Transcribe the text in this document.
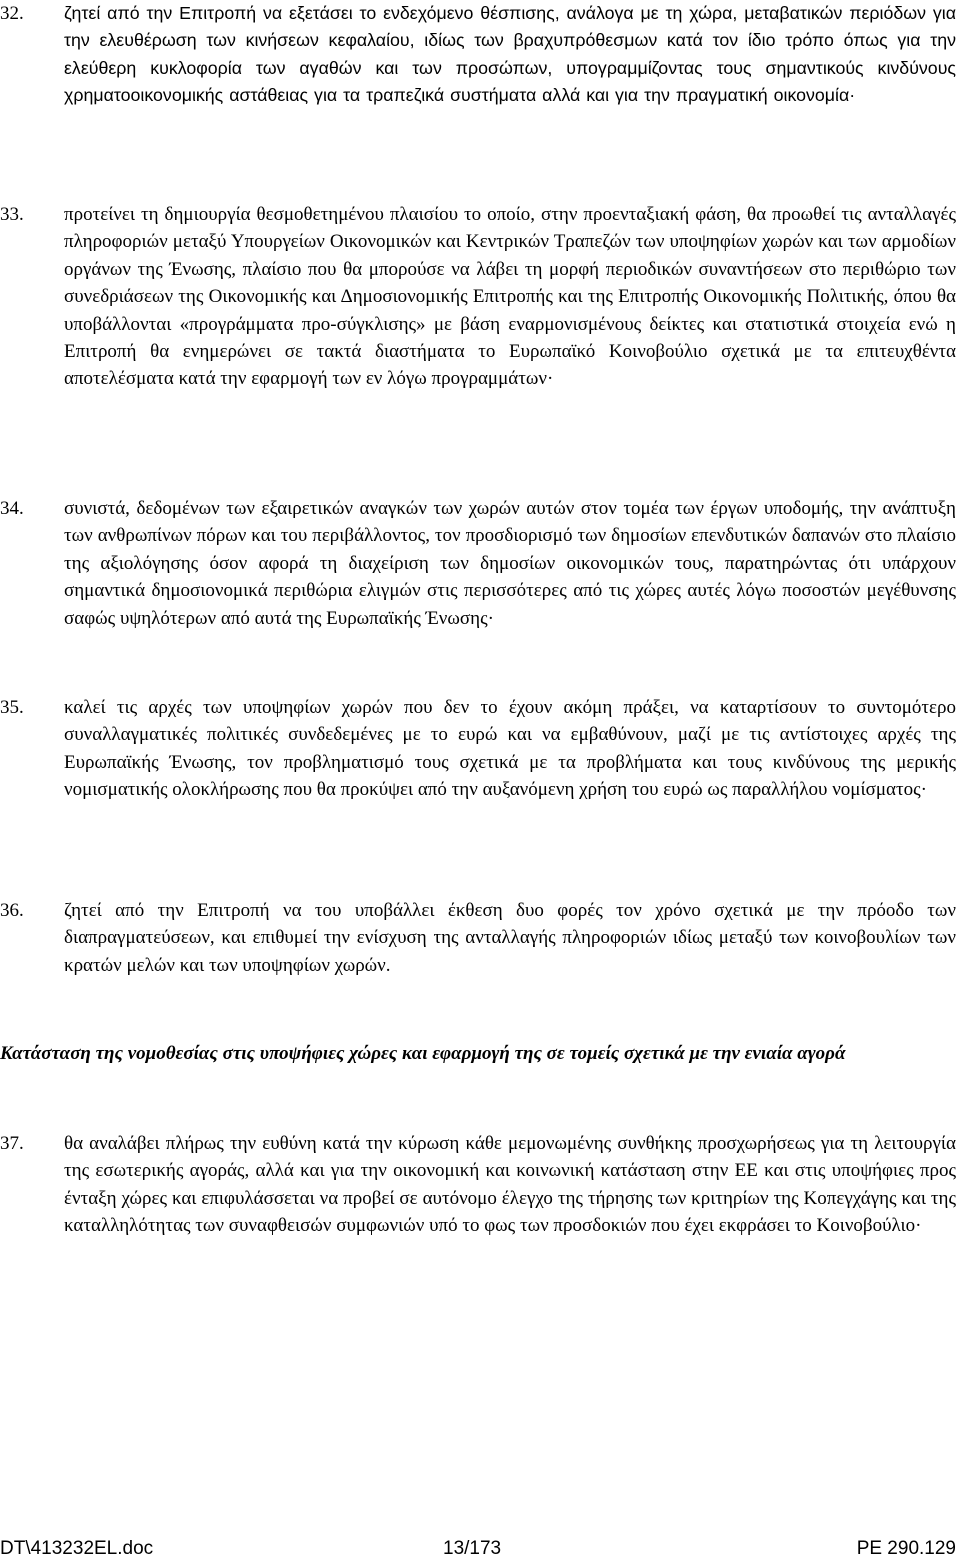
32.	ζητεί από την Επιτροπή να εξετάσει το ενδεχόμενο θέσπισης, ανάλογα με τη χώρα, μεταβατικών περιόδων για την ελευθέρωση των κινήσεων κεφαλαίου, ιδίως των βραχυπρόθεσμων κατά τον ίδιο τρόπο όπως για την ελεύθερη κυκλοφορία των αγαθών και των προσώπων, υπογραμμίζοντας τους σημαντικούς κινδύνους χρηματοοικονομικής αστάθειας για τα τραπεζικά συστήματα αλλά και για την πραγματική οικονομία·
33.	προτείνει τη δημιουργία θεσμοθετημένου πλαισίου το οποίο, στην προενταξιακή φάση, θα προωθεί τις ανταλλαγές πληροφοριών μεταξύ Υπουργείων Οικονομικών και Κεντρικών Τραπεζών των υποψηφίων χωρών και των αρμοδίων οργάνων της Ένωσης, πλαίσιο που θα μπορούσε να λάβει τη μορφή περιοδικών συναντήσεων στο περιθώριο των συνεδριάσεων της Οικονομικής και Δημοσιονομικής Επιτροπής και της Επιτροπής Οικονομικής Πολιτικής, όπου θα υποβάλλονται «προγράμματα προ-σύγκλισης» με βάση εναρμονισμένους δείκτες και στατιστικά στοιχεία ενώ η Επιτροπή θα ενημερώνει σε τακτά διαστήματα το Ευρωπαϊκό Κοινοβούλιο σχετικά με τα επιτευχθέντα αποτελέσματα κατά την εφαρμογή των εν λόγω προγραμμάτων·
34.	συνιστά, δεδομένων των εξαιρετικών αναγκών των χωρών αυτών στον τομέα των έργων υποδομής, την ανάπτυξη των ανθρωπίνων πόρων και του περιβάλλοντος, τον προσδιορισμό των δημοσίων επενδυτικών δαπανών στο πλαίσιο της αξιολόγησης όσον αφορά τη διαχείριση των δημοσίων οικονομικών τους, παρατηρώντας ότι υπάρχουν σημαντικά δημοσιονομικά περιθώρια ελιγμών στις περισσότερες από τις χώρες αυτές λόγω ποσοστών μεγέθυνσης σαφώς υψηλότερων από αυτά της Ευρωπαϊκής Ένωσης·
35.	καλεί τις αρχές των υποψηφίων χωρών που δεν το έχουν ακόμη πράξει, να καταρτίσουν το συντομότερο συναλλαγματικές πολιτικές συνδεδεμένες με το ευρώ και να εμβαθύνουν, μαζί με τις αντίστοιχες αρχές της Ευρωπαϊκής Ένωσης, τον προβληματισμό τους σχετικά με τα προβλήματα και τους κινδύνους της μερικής νομισματικής ολοκλήρωσης που θα προκύψει από την αυξανόμενη χρήση του ευρώ ως παραλλήλου νομίσματος·
36.	ζητεί από την Επιτροπή να του υποβάλλει έκθεση δυο φορές τον χρόνο σχετικά με την πρόοδο των διαπραγματεύσεων, και επιθυμεί την ενίσχυση της ανταλλαγής πληροφοριών ιδίως μεταξύ των κοινοβουλίων των κρατών μελών και των υποψηφίων χωρών.
Κατάσταση της νομοθεσίας στις υποψήφιες χώρες και εφαρμογή της σε τομείς σχετικά με την ενιαία αγορά
37.	θα αναλάβει πλήρως την ευθύνη κατά την κύρωση κάθε μεμονωμένης συνθήκης προσχωρήσεως για τη λειτουργία της εσωτερικής αγοράς, αλλά και για την οικονομική και κοινωνική κατάσταση στην ΕΕ και στις υποψήφιες προς ένταξη χώρες και επιφυλάσσεται να προβεί σε αυτόνομο έλεγχο της τήρησης των κριτηρίων της Κοπεγχάγης και της καταλληλότητας των συναφθεισών συμφωνιών υπό το φως των προσδοκιών που έχει εκφράσει το Κοινοβούλιο·
DT\413232EL.doc	13/173	PE 290.129
